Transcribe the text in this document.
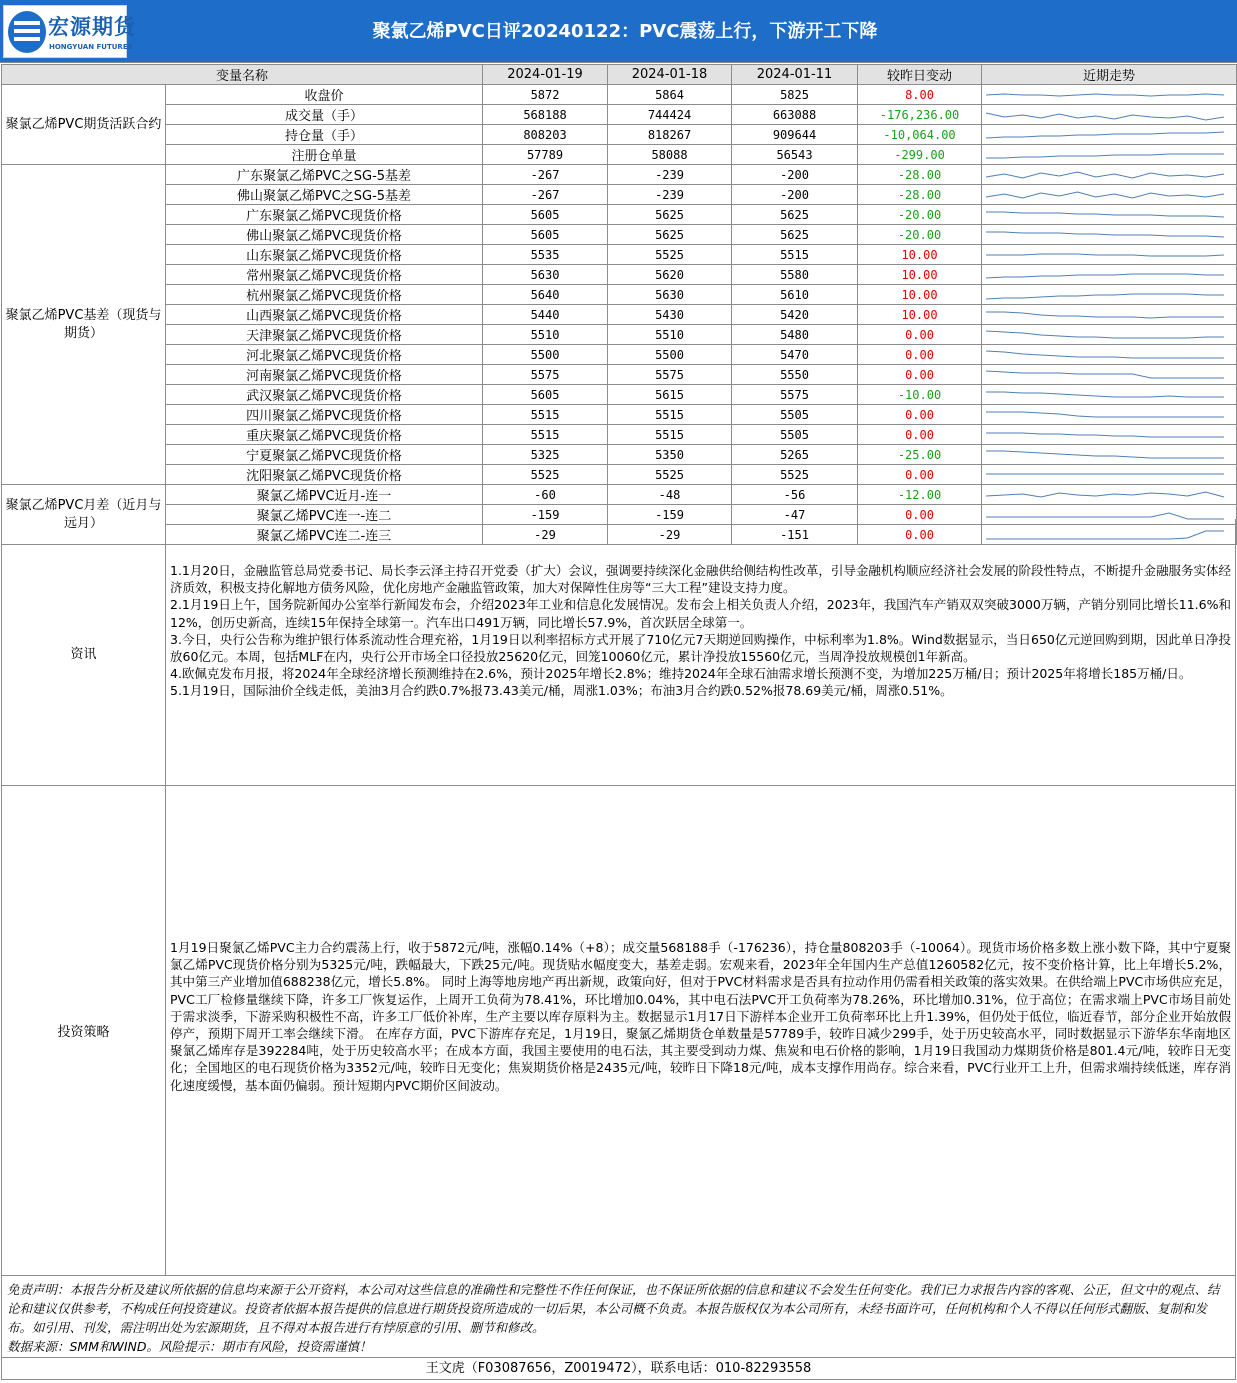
宏源期货
HONGYUAN FUTURES
聚氯乙烯PVC日评20240122：PVC震荡上行，下游开工下降
变量名称		2024-01-19	2024-01-18	2024-01-11	较昨日变动	近期走势
聚氯乙烯PVC期货活跃合约	收盘价	5872	5864	5825	8.00	

	成交量（手）	568188	744424	663088	-176,236.00	

	持仓量（手）	808203	818267	909644	-10,064.00	

	注册仓单量	57789	58088	56543	-299.00	

聚氯乙烯PVC基差（现货与期货）	广东聚氯乙烯PVC之SG-5基差	-267	-239	-200	-28.00	

	佛山聚氯乙烯PVC之SG-5基差	-267	-239	-200	-28.00	

	广东聚氯乙烯PVC现货价格	5605	5625	5625	-20.00	

	佛山聚氯乙烯PVC现货价格	5605	5625	5625	-20.00	

	山东聚氯乙烯PVC现货价格	5535	5525	5515	10.00	

	常州聚氯乙烯PVC现货价格	5630	5620	5580	10.00	

	杭州聚氯乙烯PVC现货价格	5640	5630	5610	10.00	

	山西聚氯乙烯PVC现货价格	5440	5430	5420	10.00	

	天津聚氯乙烯PVC现货价格	5510	5510	5480	0.00	

	河北聚氯乙烯PVC现货价格	5500	5500	5470	0.00	

	河南聚氯乙烯PVC现货价格	5575	5575	5550	0.00	

	武汉聚氯乙烯PVC现货价格	5605	5615	5575	-10.00	

	四川聚氯乙烯PVC现货价格	5515	5515	5505	0.00	

	重庆聚氯乙烯PVC现货价格	5515	5515	5505	0.00	

	宁夏聚氯乙烯PVC现货价格	5325	5350	5265	-25.00	

	沈阳聚氯乙烯PVC现货价格	5525	5525	5525	0.00	

聚氯乙烯PVC月差（近月与远月）	聚氯乙烯PVC近月-连一	-60	-48	-56	-12.00	

	聚氯乙烯PVC连一-连二	-159	-159	-47	0.00	

	聚氯乙烯PVC连二-连三	-29	-29	-151	0.00	
资讯

1.1月20日，金融监管总局党委书记、局长李云泽主持召开党委（扩大）会议，强调要持续深化金融供给侧结构性改革，引导金融机构顺应经济社会发展的阶段性特点，不断提升金融服务实体经济质效，积极支持化解地方债务风险，优化房地产金融监管政策，加大对保障性住房等“三大工程”建设支持力度。

2.1月19日上午，国务院新闻办公室举行新闻发布会，介绍2023年工业和信息化发展情况。发布会上相关负责人介绍，2023年，我国汽车产销双双突破3000万辆，产销分别同比增长11.6%和12%，创历史新高，连续15年保持全球第一。汽车出口491万辆，同比增长57.9%，首次跃居全球第一。

3.今日，央行公告称为维护银行体系流动性合理充裕，1月19日以利率招标方式开展了710亿元7天期逆回购操作，中标利率为1.8%。Wind数据显示，当日650亿元逆回购到期，因此单日净投放60亿元。本周，包括MLF在内，央行公开市场全口径投放25620亿元，回笼10060亿元，累计净投放15560亿元，当周净投放规模创1年新高。

4.欧佩克发布月报，将2024年全球经济增长预测维持在2.6%，预计2025年增长2.8%；维持2024年全球石油需求增长预测不变，为增加225万桶/日；预计2025年将增长185万桶/日。

5.1月19日，国际油价全线走低，美油3月合约跌0.7%报73.43美元/桶，周涨1.03%；布油3月合约跌0.52%报78.69美元/桶，周涨0.51%。

投资策略
1月19日聚氯乙烯PVC主力合约震荡上行，收于5872元/吨，涨幅0.14%（+8）；成交量568188手（-176236），持仓量808203手（-10064）。现货市场价格多数上涨小数下降，其中宁夏聚氯乙烯PVC现货价格分别为5325元/吨，跌幅最大，下跌25元/吨。现货贴水幅度变大，基差走弱。宏观来看，2023年全年国内生产总值1260582亿元，按不变价格计算，比上年增长5.2%，其中第三产业增加值688238亿元，增长5.8%。 同时上海等地房地产再出新规，政策向好，但对于PVC材料需求是否具有拉动作用仍需看相关政策的落实效果。在供给端上PVC市场供应充足，PVC工厂检修量继续下降，许多工厂恢复运作，上周开工负荷为78.41%，环比增加0.04%，其中电石法PVC开工负荷率为78.26%，环比增加0.31%，位于高位；在需求端上PVC市场目前处于需求淡季，下游采购积极性不高，许多工厂低价补库，生产主要以库存原料为主。数据显示1月17日下游样本企业开工负荷率环比上升1.39%，但仍处于低位，临近春节，部分企业开始放假停产，预期下周开工率会继续下滑。 在库存方面，PVC下游库存充足，1月19日，聚氯乙烯期货仓单数量是57789手，较昨日减少299手，处于历史较高水平，同时数据显示下游华东华南地区聚氯乙烯库存是392284吨，处于历史较高水平；在成本方面，我国主要使用的电石法，其主要受到动力煤、焦炭和电石价格的影响，1月19日我国动力煤期货价格是801.4元/吨，较昨日无变化；全国地区的电石现货价格为3352元/吨，较昨日无变化；焦炭期货价格是2435元/吨，较昨日下降18元/吨，成本支撑作用尚存。综合来看，PVC行业开工上升，但需求端持续低迷，库存消化速度缓慢，基本面仍偏弱。预计短期内PVC期价区间波动。
免责声明：本报告分析及建议所依据的信息均来源于公开资料，本公司对这些信息的准确性和完整性不作任何保证，也不保证所依据的信息和建议不会发生任何变化。我们已力求报告内容的客观、公正，但文中的观点、结论和建议仅供参考，不构成任何投资建议。投资者依据本报告提供的信息进行期货投资所造成的一切后果，本公司概不负责。本报告版权仅为本公司所有，未经书面许可，任何机构和个人不得以任何形式翻版、复制和发布。如引用、刊发，需注明出处为宏源期货，且不得对本报告进行有悖原意的引用、删节和修改。
数据来源：SMM和WIND。风险提示：期市有风险，投资需谨慎！
王文虎（F03087656，Z0019472），联系电话：010-82293558
